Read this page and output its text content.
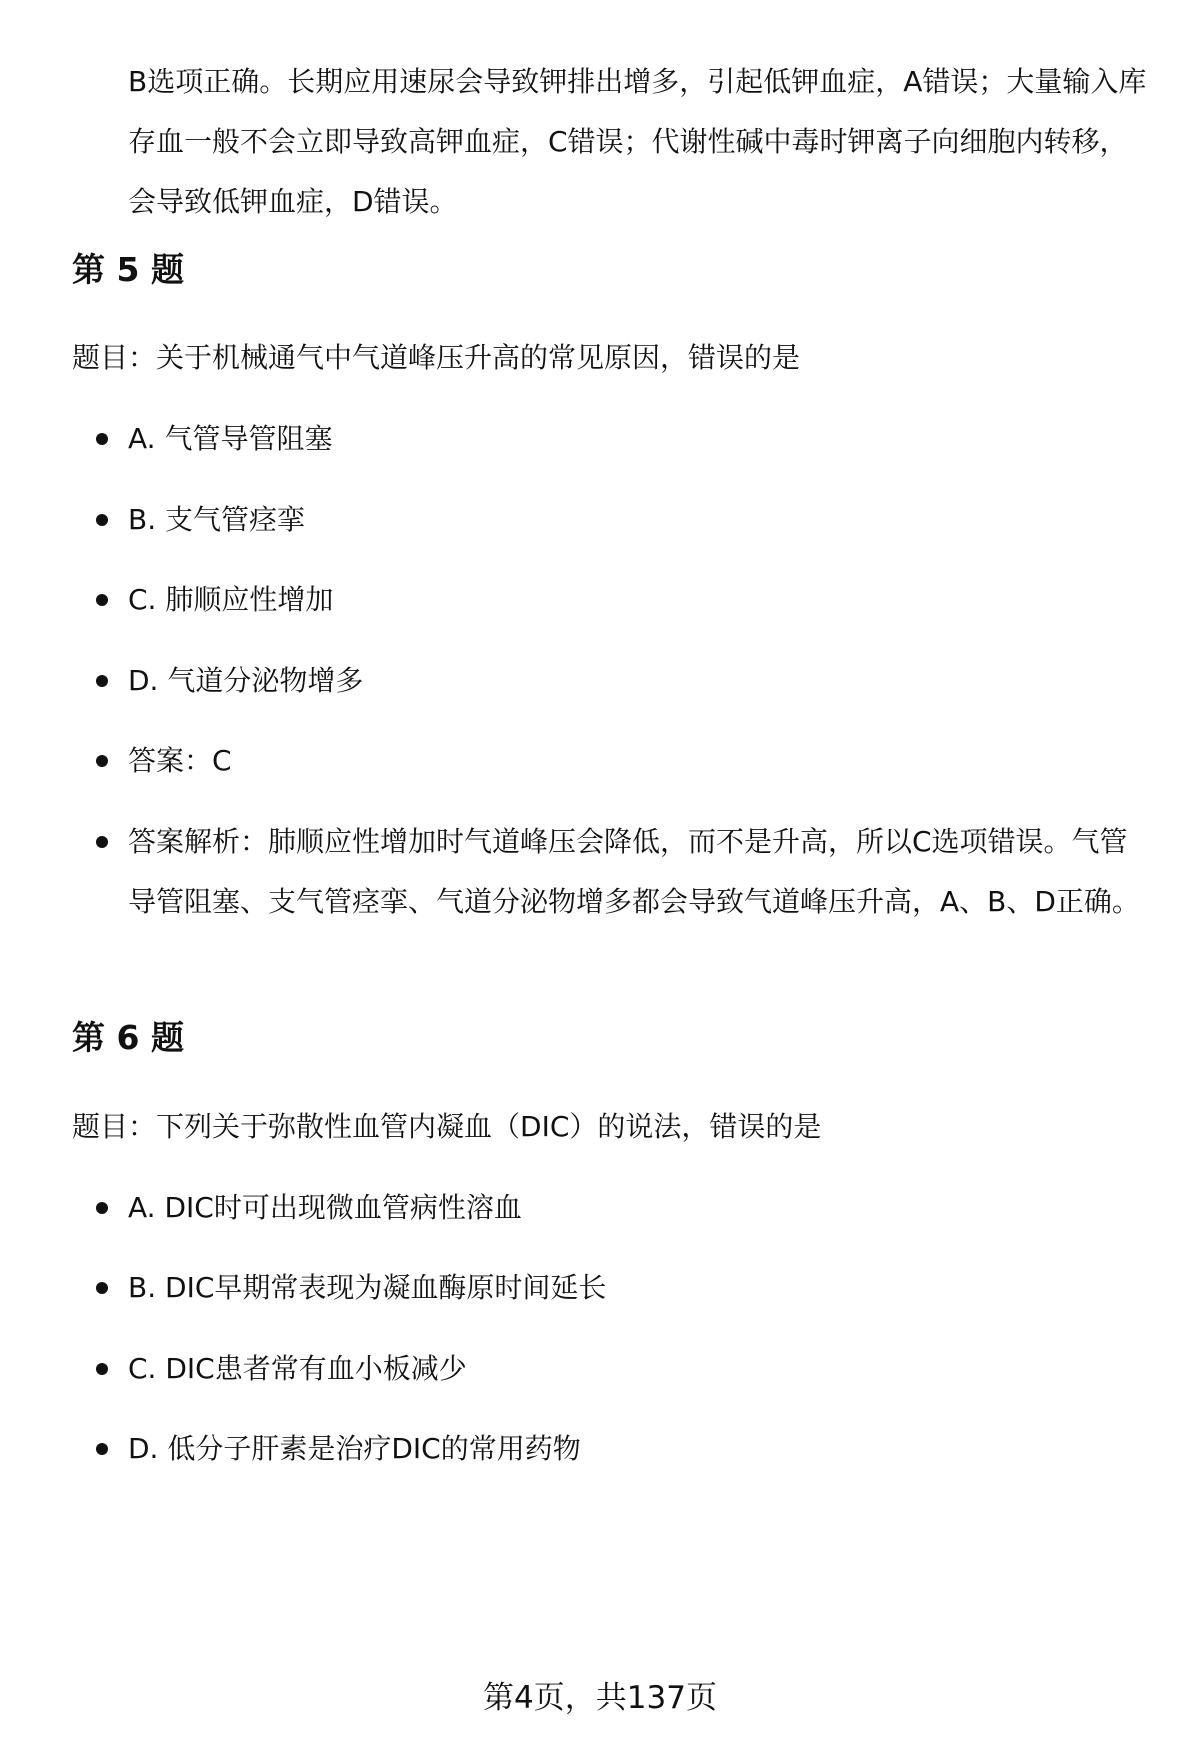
B选项正确。长期应用速尿会导致钾排出增多，引起低钾血症，A错误；大量输入库存血一般不会立即导致高钾血症，C错误；代谢性碱中毒时钾离子向细胞内转移，会导致低钾血症，D错误。

第 5 题

题目：关于机械通气中气道峰压升高的常见原因，错误的是

A. 气管导管阻塞
B. 支气管痉挛
C. 肺顺应性增加
D. 气道分泌物增多
答案：C
答案解析：肺顺应性增加时气道峰压会降低，而不是升高，所以C选项错误。气管导管阻塞、支气管痉挛、气道分泌物增多都会导致气道峰压升高，A、B、D正确。
第 6 题

题目：下列关于弥散性血管内凝血（DIC）的说法，错误的是

A. DIC时可出现微血管病性溶血
B. DIC早期常表现为凝血酶原时间延长
C. DIC患者常有血小板减少
D. 低分子肝素是治疗DIC的常用药物
第4页，共137页
